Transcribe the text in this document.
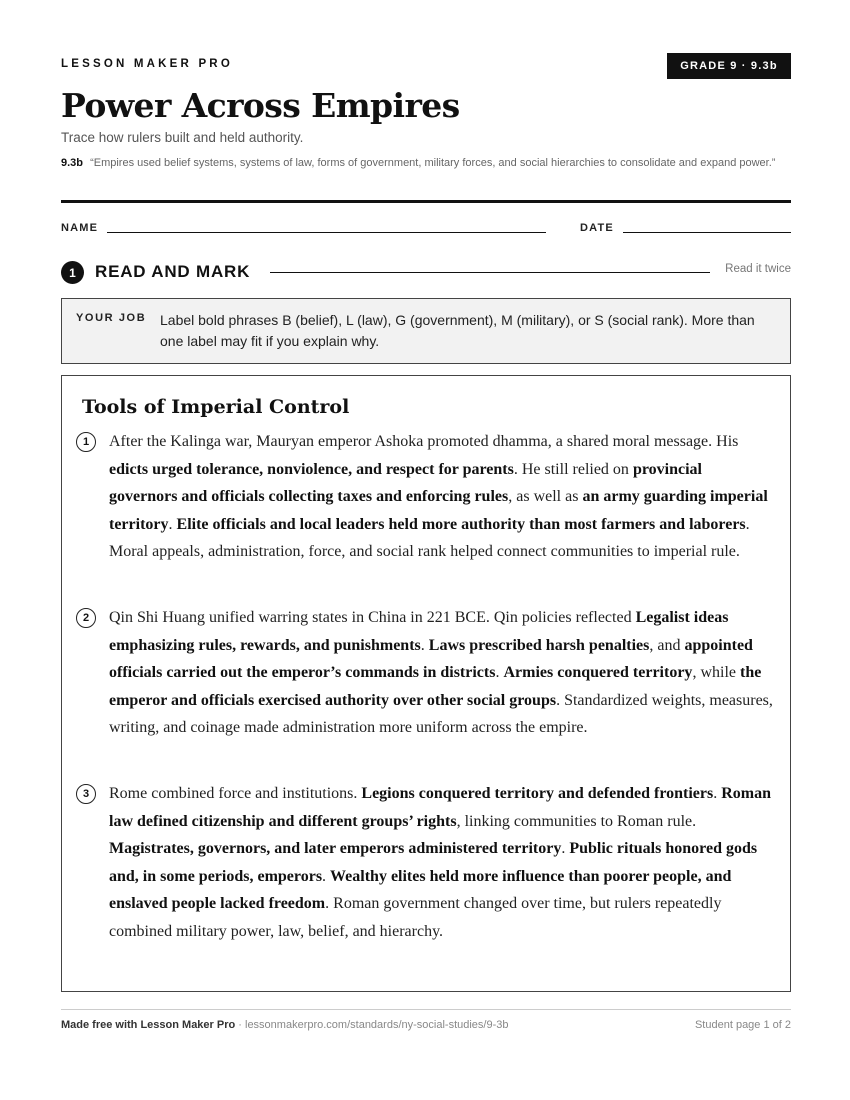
LESSON MAKER PRO	GRADE 9 · 9.3b
Power Across Empires
Trace how rulers built and held authority.
9.3b “Empires used belief systems, systems of law, forms of government, military forces, and social hierarchies to consolidate and expand power.”
NAME	DATE
1	READ AND MARK	Read it twice
YOUR JOB Label bold phrases B (belief), L (law), G (government), M (military), or S (social rank). More than one label may fit if you explain why.
Tools of Imperial Control
1	After the Kalinga war, Mauryan emperor Ashoka promoted dhamma, a shared moral message. His edicts urged tolerance, nonviolence, and respect for parents. He still relied on provincial governors and officials collecting taxes and enforcing rules, as well as an army guarding imperial territory. Elite officials and local leaders held more authority than most farmers and laborers. Moral appeals, administration, force, and social rank helped connect communities to imperial rule.
2	Qin Shi Huang unified warring states in China in 221 BCE. Qin policies reflected Legalist ideas emphasizing rules, rewards, and punishments. Laws prescribed harsh penalties, and appointed officials carried out the emperor’s commands in districts. Armies conquered territory, while the emperor and officials exercised authority over other social groups. Standardized weights, measures, writing, and coinage made administration more uniform across the empire.
3	Rome combined force and institutions. Legions conquered territory and defended frontiers. Roman law defined citizenship and different groups’ rights, linking communities to Roman rule. Magistrates, governors, and later emperors administered territory. Public rituals honored gods and, in some periods, emperors. Wealthy elites held more influence than poorer people, and enslaved people lacked freedom. Roman government changed over time, but rulers repeatedly combined military power, law, belief, and hierarchy.
Made free with Lesson Maker Pro · lessonmakerpro.com/standards/ny-social-studies/9-3b	Student page 1 of 2
